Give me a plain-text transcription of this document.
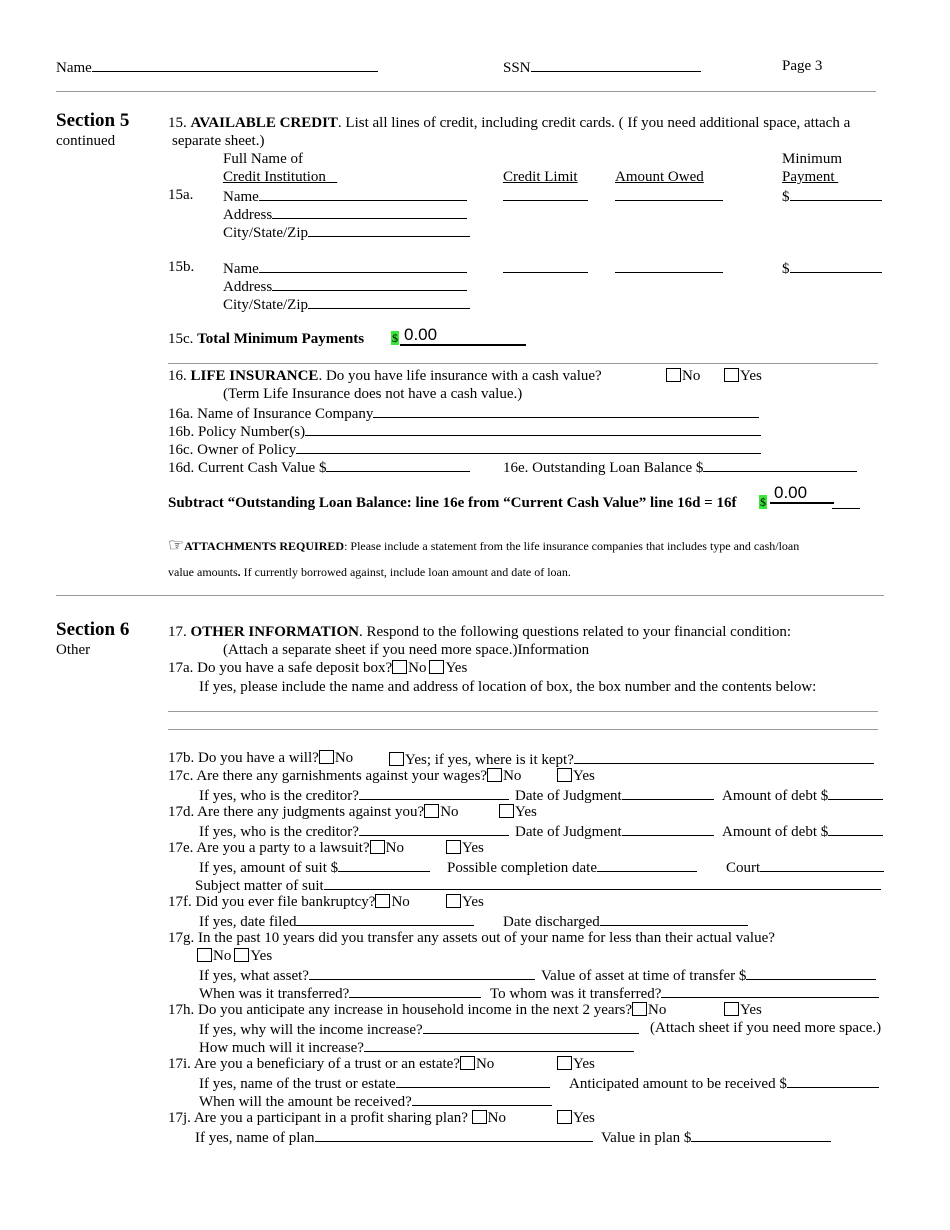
Name	SSN	Page 3
Section 5
continued
15. AVAILABLE CREDIT. List all lines of credit, including credit cards. ( If you need additional space, attach a
separate sheet.)
Full Name of
Credit Institution	Credit Limit Amount Owed
Minimum
Payment
15a. Name	$
Address
City/State/Zip
15b. Name	$
Address
City/State/Zip
15c. Total Minimum Payments $ 0.00
16. LIFE INSURANCE. Do you have life insurance with a cash value?	No	Yes
(Term Life Insurance does not have a cash value.)
16a. Name of Insurance Company
16b. Policy Number(s)
16c. Owner of Policy
16d. Current Cash Value $	16e. Outstanding Loan Balance $
Subtract “Outstanding Loan Balance: line 16e from “Current Cash Value” line 16d = 16f $ 0.00
☞ATTACHMENTS REQUIRED: Please include a statement from the life insurance companies that includes type and cash/loan
value amounts. If currently borrowed against, include loan amount and date of loan.
Section 6
Other
17. OTHER INFORMATION. Respond to the following questions related to your financial condition:
(Attach a separate sheet if you need more space.)Information
17a. Do you have a safe deposit box? No Yes
If yes, please include the name and address of location of box, the box number and the contents below:
17b. Do you have a will? No	Yes; if yes, where is it kept?
17c. Are there any garnishments against your wages? No	Yes
If yes, who is the creditor?	Date of Judgment	Amount of debt $
17d. Are there any judgments against you? No	Yes
If yes, who is the creditor?	Date of Judgment	Amount of debt $
17e. Are you a party to a lawsuit? No	Yes
If yes, amount of suit $	Possible completion date	Court
Subject matter of suit
17f. Did you ever file bankruptcy? No	Yes
If yes, date filed	Date discharged
17g. In the past 10 years did you transfer any assets out of your name for less than their actual value?
No Yes
If yes, what asset?	Value of asset at time of transfer $
When was it transferred?	To whom was it transferred?
17h. Do you anticipate any increase in household income in the next 2 years? No	Yes
If yes, why will the income increase?	(Attach sheet if you need more space.)
How much will it increase?
17i. Are you a beneficiary of a trust or an estate? No	Yes
If yes, name of the trust or estate	Anticipated amount to be received $
When will the amount be received?
17j. Are you a participant in a profit sharing plan? No	Yes
If yes, name of plan	Value in plan $
